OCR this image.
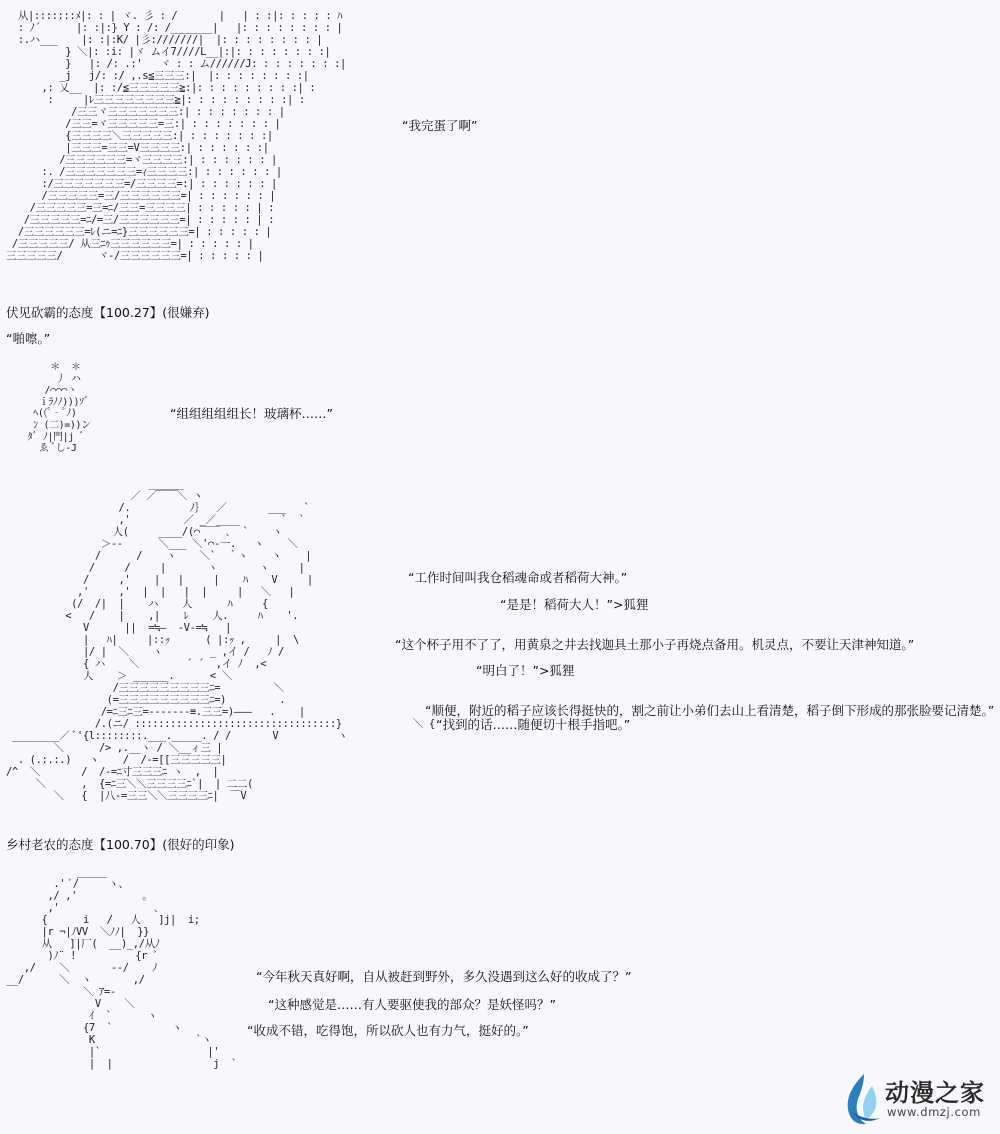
从|:::::::ﾒ|: : | ヾ. 彡 : /       |   | : :|: : : : : ﾊ
: ﾉ´      |: :|:} Y : /: /_______|   |: : : : : : : : |
:.ハ___    |: :|:K/ |彡:///////|  |: : : : : : : : |
} ＼|: :i: |ヾ ムイ7////L__|:|: : : : : : : :|
}   |: /: .:'   ヾ : : ム//////J: : : : : : : :|
_j   j/: :/ ,.s≦三三三:|  |: : : : : : : :|
,: 乂__  |: :/≦三三三三三≧:|: : : : : : : : :| :
:     |ﾚ三三三三三三三三≧|: : : : : : : : :| :
/三三ヾ三三三三三三三:| : : : : : : : |
/三三=ヾ三三三三三=三:| : : : : : : : |
{三三三三＼三三三三三:| : : : : : : :|
|三三三=三三=V三三三三:| : : : : : :|
/三三三三三三=ヾ三三三三:| : : : : : : |
:. /三三三三三三三=ｨ三三三三:| : : : : : : |
:/三三三三三三三=/三三三三=:| : : : : : : |
/三三三三三=三/三三三三三三=| : : : : : : |
/三三三三三=三=ﾆ/三三=三三三三| : : : : : | :
/三三三三三=ﾆ/=三/三三三三三三=| : : : : : | :
/三三三三三三=ﾚ(ニ=ﾆ}三三三三三三=| : : : : : |
/三三三三三/ 从三ﾆｩ三三三三三三=| : : : : : |
三三三三三/      ヾ-/三三三三三三=| : : : : : |
“我完蛋了啊”
伏见砍霸的态度【100.27】(很嫌弃)
“啪嚓。”
＊  ＊
丿 ハ
/⌒⌒⌒ヽ
ｉﾗﾉﾉ)))ｿﾞ
ﾍ((ﾟ‐ﾟﾉ)
ﾝ (二)=))ン
ﾀﾞ ﾉ|門|j ﾞ
ゑ ﾞし-J
“组组组组组长！玻璃杯……”
______
／ ／￣￣＼ ヽ
/.          ﾉ｝  ／       ___   `
,'         ／ _／____       `  `
人(     ____/(⌒￣￣ ､  `    ヽ
＞-‐      ＼___ ＼'⌒‐一.   ヽ    ＼
/      /    ヽ    ＼`  ｀ヽ    ヽ    |
/     /     |       ヽ       ヽ     |
/     ,'    |   |     |    ﾊ    V     |
,'     ,'  |  |   |  |     |   ＼   |
(/  /|  |    ハ    人      ﾊ     {
<   /    |    ,|    ﾚ    人.     ﾊ    '.
V      ||  =≒―  ‐V‐=≒   |
|   ﾊ|     |::ｯ      ( |:ｯ ,     |  \
|/ |  ＼    ヽ        _ ,イ /   ﾉ /
{ ハ    ＼        ´ ´  ,イ ﾉ  ,<
人    ＞ ______.      < ＼
/三三三三三三三三三ﾆ=         ＼
(=三三三三三三三三三ﾆ=)         .
/=ﾆ三ﾆ三=‐‐‐‐‐‐‐≡.三三=)―――   .    |
/.(ニ/ ::::::::::::::::::::::::::::::::::}            ＼ {
________／ ﾞ'{l::::::::.___._____. / /       V          ヽ
＼      /> ,.__ヽ / ＼__ィ三 |
. (.:.:.)   ヽ    /  /-=[[三三三三三|
/^  ＼       /  /-=ﾆ寸三三三ﾆ ヽ  ,  |
＼      ,  {=ﾆ三＼＼三三三三ﾆ`|  | 二二(
＼   {  |八-=三三＼＼三三三三ﾆ|  ￣V
“工作时间叫我仓稻魂命或者稻荷大神。”
“是是！稻荷大人！”>狐狸
“这个杯子用不了了，用黄泉之井去找迦具土那小子再烧点备用。机灵点，不要让天津神知道。”
“明白了！”>狐狸
“顺便，附近的稻子应该长得挺快的，割之前让小弟们去山上看清楚，稻子倒下形成的那张脸要记清楚。”
“找到的话……随便切十根手指吧。”
乡村老农的态度【100.70】(很好的印象)
_____
.' ﾞ/     ヽ、
,/ ,'           ｡
,'                ､
{      i   /   人   ]j|  i;
|r ¬|ﾉVV  ＼ﾉﾉ|  }}
从   ]|厂(  __)_,/从ﾉ
)ﾉ¨ !          {r ﾞ
,/    ＼       ‐-/    ﾉ
__/      ＼  ヽ       ,/
＼ ｱ=-
V    ＼
ｲ  `      ヽ
{7  `          ヽ
K                 `ヽ
|`                  |'
|  |                 j  `
“今年秋天真好啊，自从被赶到野外，多久没遇到这么好的收成了？”
“这种感觉是……有人要驱使我的部众？是妖怪吗？”
“收成不错，吃得饱，所以砍人也有力气，挺好的。”
动漫之家
www.dmzj.com
